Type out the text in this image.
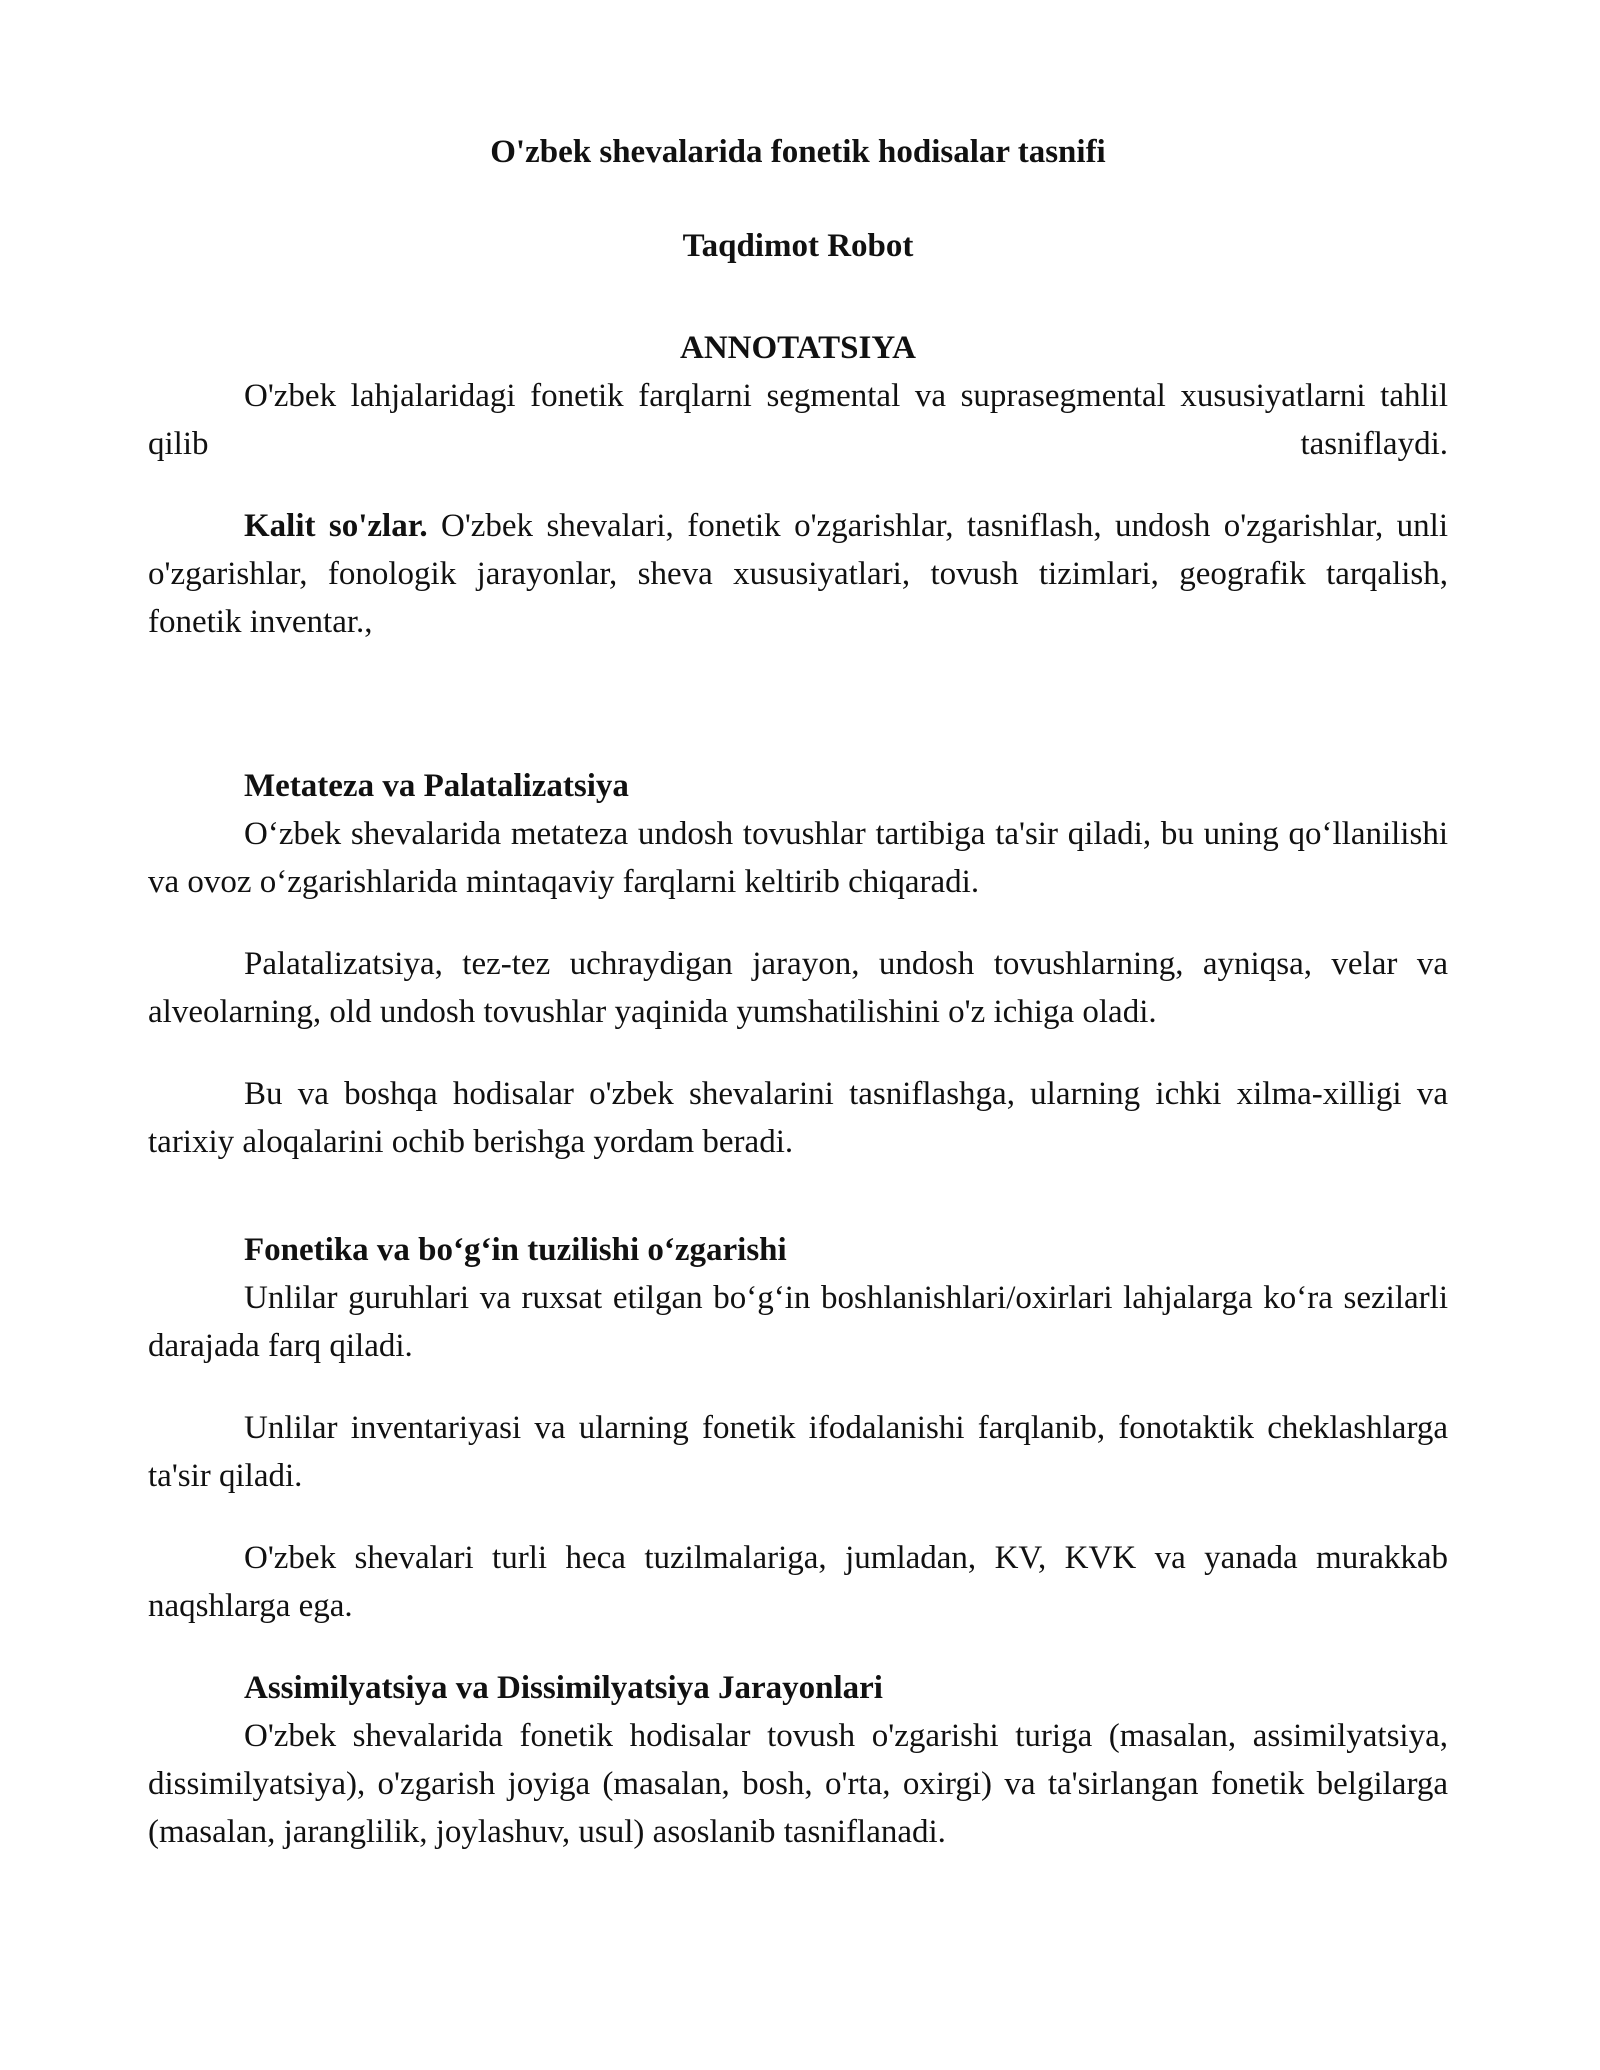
O'zbek shevalarida fonetik hodisalar tasnifi
Taqdimot Robot
ANNOTATSIYA

O'zbek lahjalaridagi fonetik farqlarni segmental va suprasegmental xususiyatlarni tahlil qilib tasniflaydi.

Kalit so'zlar. O'zbek shevalari, fonetik o'zgarishlar, tasniflash, undosh o'zgarishlar, unli o'zgarishlar, fonologik jarayonlar, sheva xususiyatlari, tovush tizimlari, geografik tarqalish, fonetik inventar.,

Metateza va Palatalizatsiya

O‘zbek shevalarida metateza undosh tovushlar tartibiga ta'sir qiladi, bu uning qo‘llanilishi va ovoz o‘zgarishlarida mintaqaviy farqlarni keltirib chiqaradi.

Palatalizatsiya, tez-tez uchraydigan jarayon, undosh tovushlarning, ayniqsa, velar va alveolarning, old undosh tovushlar yaqinida yumshatilishini o'z ichiga oladi.

Bu va boshqa hodisalar o'zbek shevalarini tasniflashga, ularning ichki xilma-xilligi va tarixiy aloqalarini ochib berishga yordam beradi.

Fonetika va bo‘g‘in tuzilishi o‘zgarishi

Unlilar guruhlari va ruxsat etilgan bo‘g‘in boshlanishlari/oxirlari lahjalarga ko‘ra sezilarli darajada farq qiladi.

Unlilar inventariyasi va ularning fonetik ifodalanishi farqlanib, fonotaktik cheklashlarga ta'sir qiladi.

O'zbek shevalari turli heca tuzilmalariga, jumladan, KV, KVK va yanada murakkab naqshlarga ega.

Assimilyatsiya va Dissimilyatsiya Jarayonlari

O'zbek shevalarida fonetik hodisalar tovush o'zgarishi turiga (masalan, assimilyatsiya, dissimilyatsiya), o'zgarish joyiga (masalan, bosh, o'rta, oxirgi) va ta'sirlangan fonetik belgilarga (masalan, jaranglilik, joylashuv, usul) asoslanib tasniflanadi.
